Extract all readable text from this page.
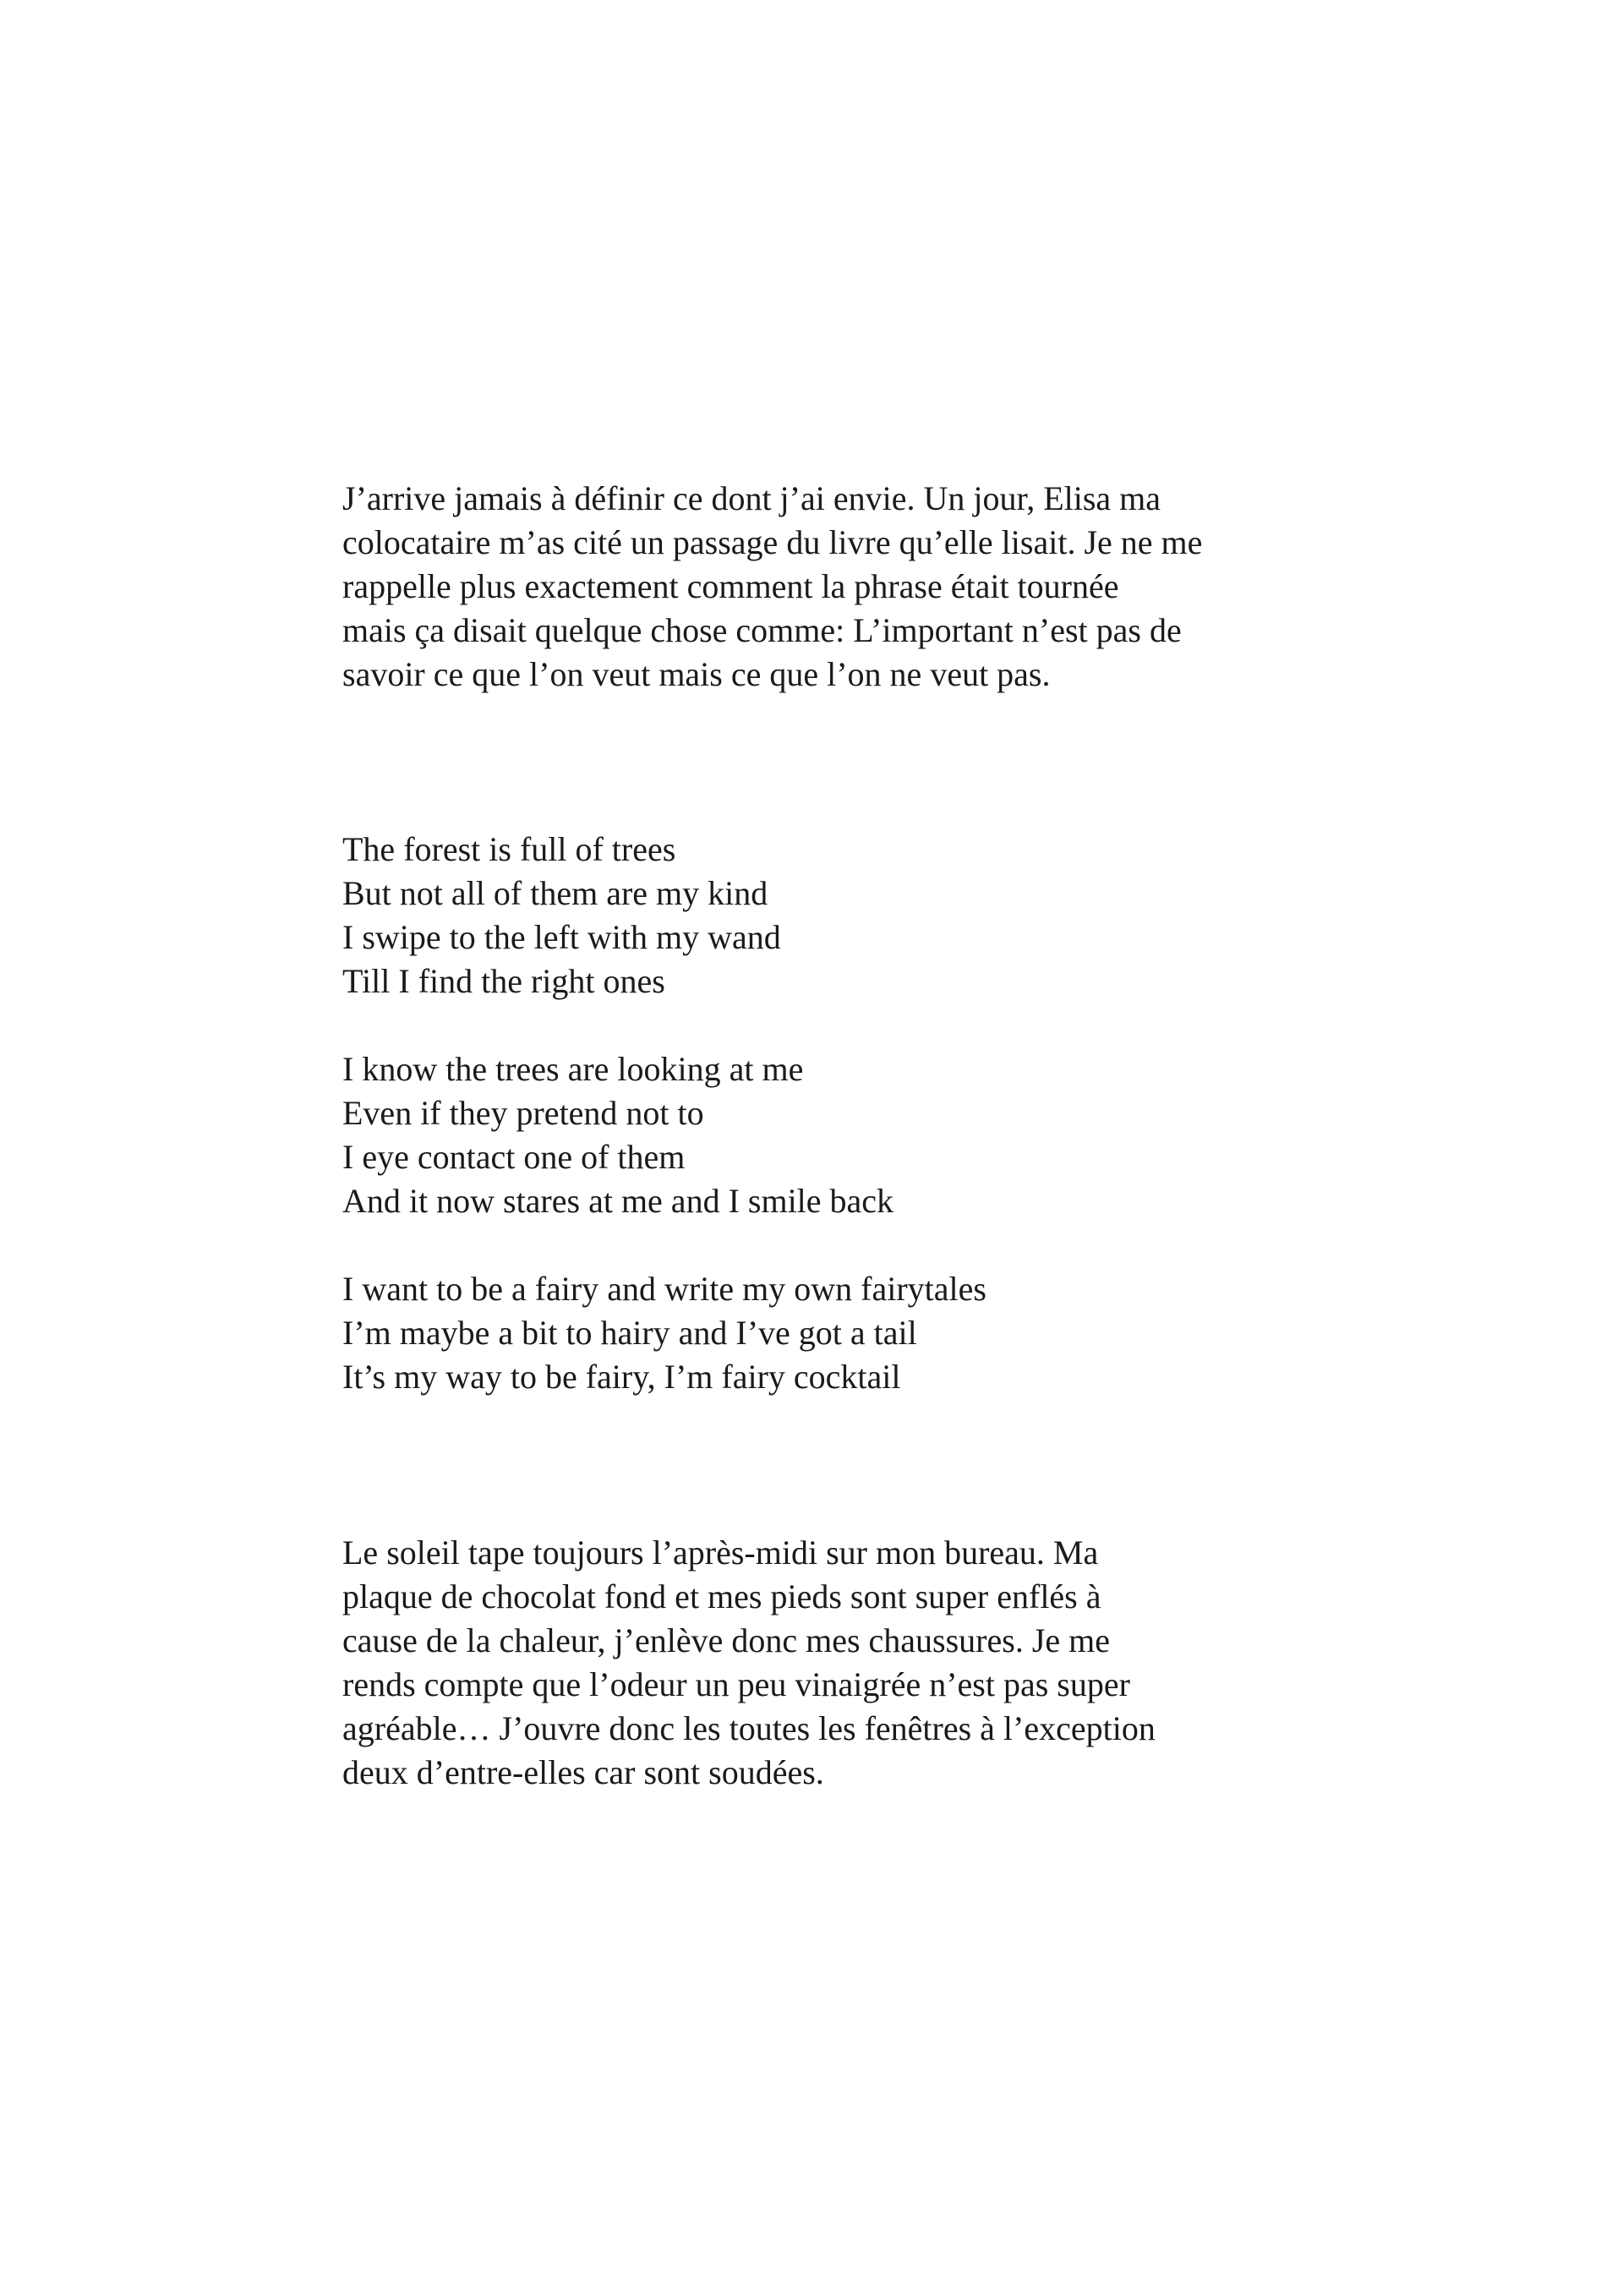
J’arrive jamais à définir ce dont j’ai envie. Un jour, Elisa ma
colocataire m’as cité un passage du livre qu’elle lisait. Je ne me
rappelle plus exactement comment la phrase était tournée
mais ça disait quelque chose comme: L’important n’est pas de
savoir ce que l’on veut mais ce que l’on ne veut pas.
The forest is full of trees
But not all of them are my kind
I swipe to the left with my wand
Till I find the right ones
I know the trees are looking at me
Even if they pretend not to
I eye contact one of them
And it now stares at me and I smile back
I want to be a fairy and write my own fairytales
I’m maybe a bit to hairy and I’ve got a tail
It’s my way to be fairy, I’m fairy cocktail
Le soleil tape toujours l’après-midi sur mon bureau. Ma
plaque de chocolat fond et mes pieds sont super enflés à
cause de la chaleur, j’enlève donc mes chaussures. Je me
rends compte que l’odeur un peu vinaigrée n’est pas super
agréable… J’ouvre donc les toutes les fenêtres à l’exception
deux d’entre-elles car sont soudées.
